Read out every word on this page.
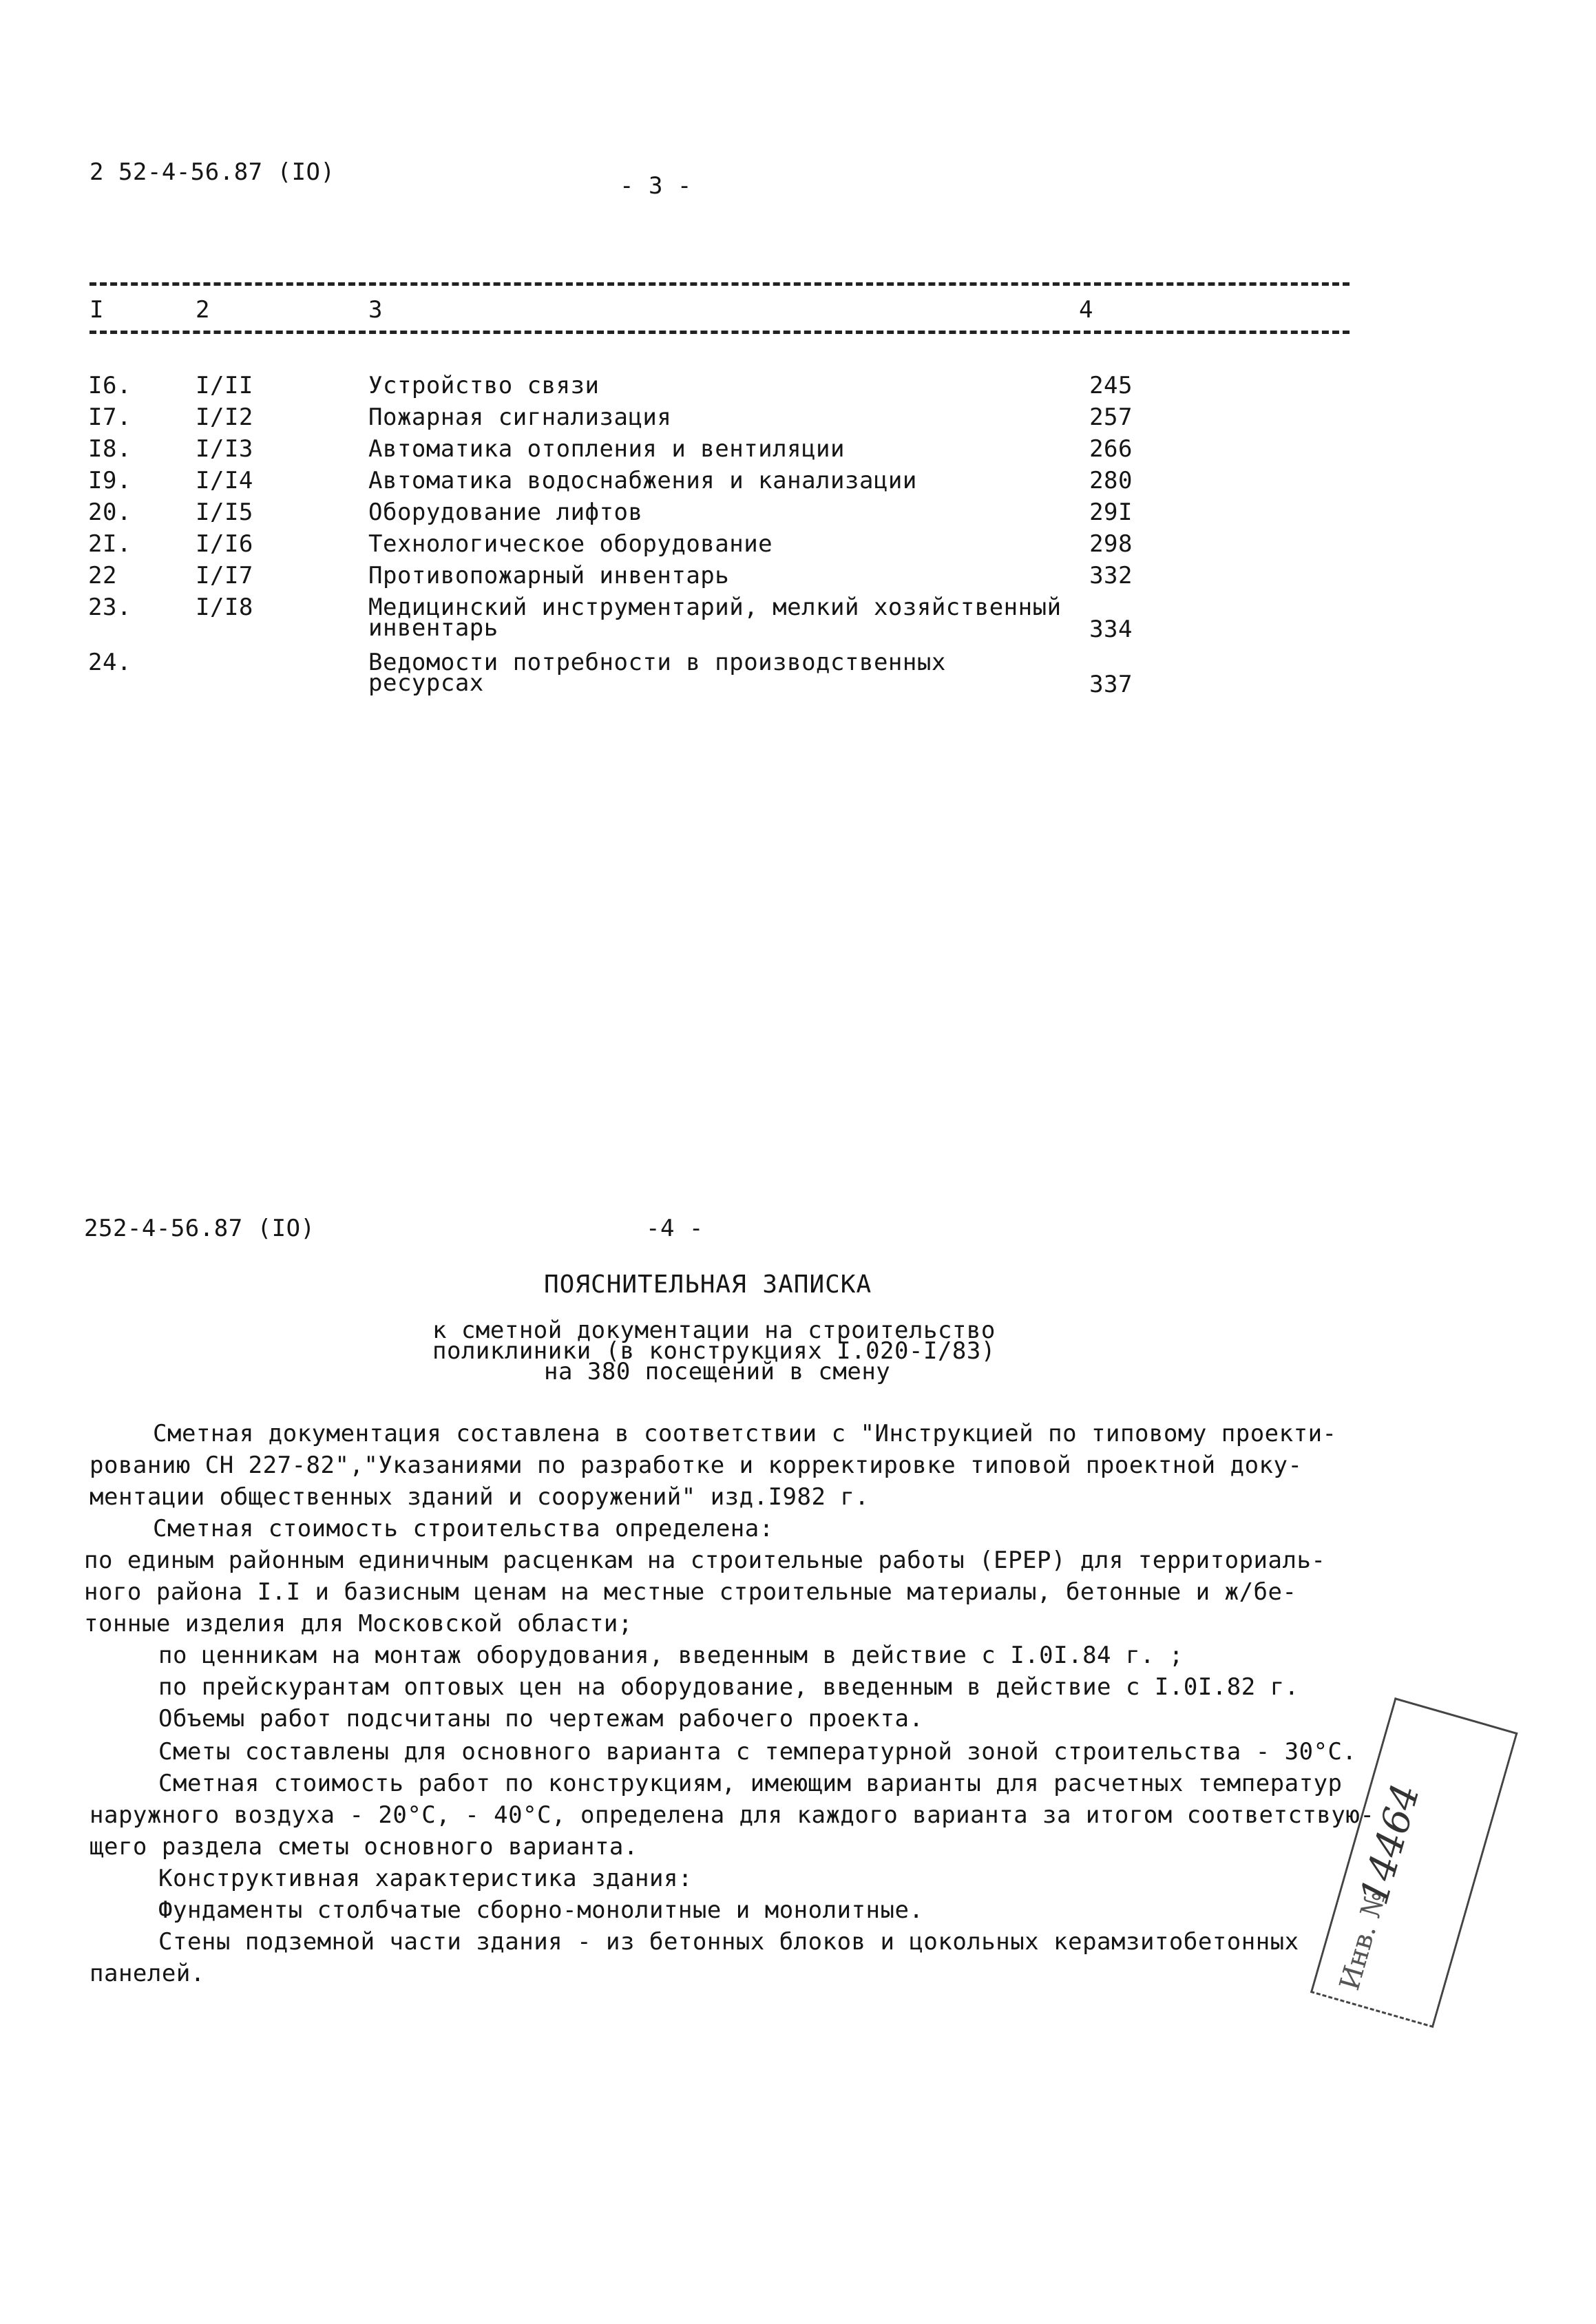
2 52-4-56.87 (IO)	- 3 -
I	2	3	4
I6.	I/II	Устройство связи	245
I7.	I/I2	Пожарная сигнализация	257
I8.	I/I3	Автоматика отопления и вентиляции	266
I9.	I/I4	Автоматика водоснабжения и канализации	280
20.	I/I5	Оборудование лифтов	29I
2I.	I/I6	Технологическое оборудование	298
22	I/I7	Противопожарный инвентарь	332
23.	I/I8	Медицинский инструментарий, мелкий хозяйственный
инвентарь	334
24.	Ведомости потребности в производственных
ресурсах	337
252-4-56.87 (IO)	-4 -
ПОЯСНИТЕЛЬНАЯ ЗАПИСКА
к сметной документации на строительство
поликлиники (в конструкциях I.020-I/83)
на 380 посещений в смену
Сметная документация составлена в соответствии с "Инструкцией по типовому проекти-
рованию СН 227-82","Указаниями по разработке и корректировке типовой проектной доку-
ментации общественных зданий и сооружений" изд.I982 г.
Сметная стоимость строительства определена:
по единым районным единичным расценкам на строительные работы (ЕРЕР) для территориаль-
ного района I.I и базисным ценам на местные строительные материалы, бетонные и ж/бе-
тонные изделия для Московской области;
по ценникам на монтаж оборудования, введенным в действие с I.0I.84 г. ;
по прейскурантам оптовых цен на оборудование, введенным в действие с I.0I.82 г.
Объемы работ подсчитаны по чертежам рабочего проекта.
Сметы составлены для основного варианта с температурной зоной строительства - 30°С.
Сметная стоимость работ по конструкциям, имеющим варианты для расчетных температур
наружного воздуха - 20°С, - 40°С, определена для каждого варианта за итогом соответствую-
щего раздела сметы основного варианта.
Конструктивная характеристика здания:
Фундаменты столбчатые сборно-монолитные и монолитные.
Стены подземной части здания - из бетонных блоков и цокольных керамзитобетонных
панелей.	Инв. №
14464
